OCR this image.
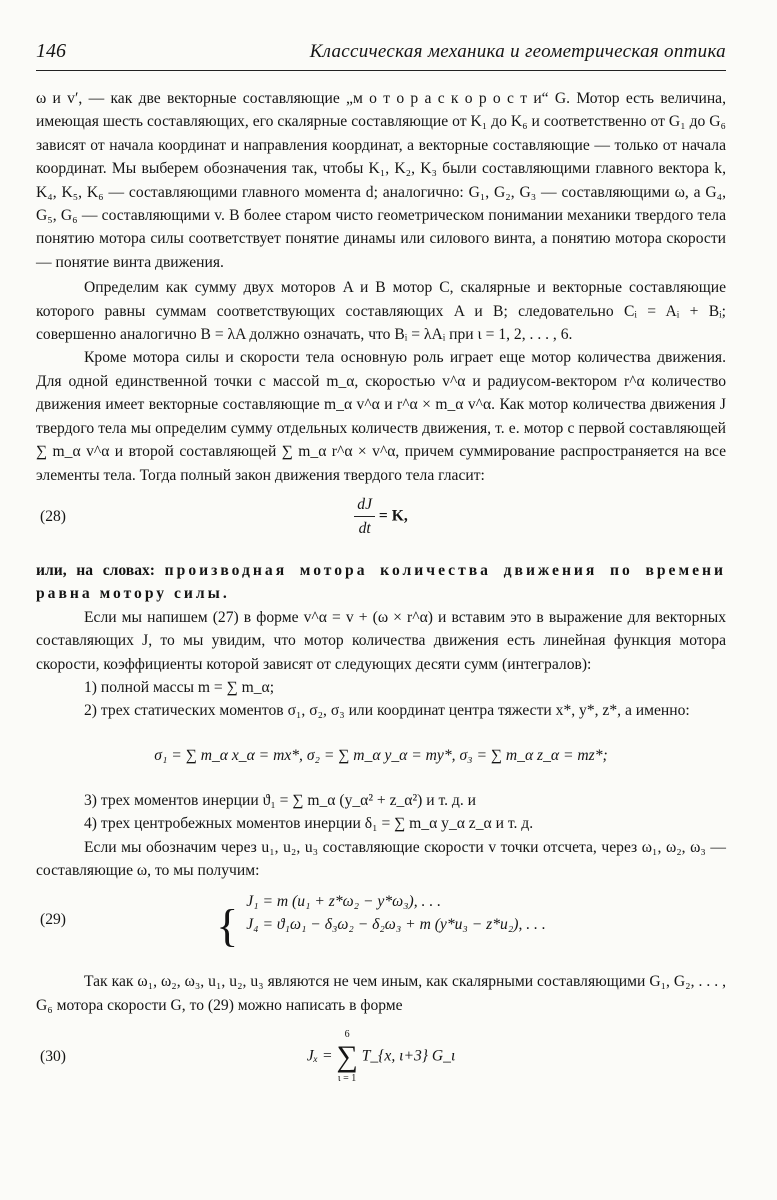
146	Классическая механика и геометрическая оптика

ω и v′, — как две векторные составляющие „м о т о р а с к о р о с т и“ G. Мотор есть величина, имеющая шесть составляющих, его скалярные составляющие от K₁ до K₆ и соответственно от G₁ до G₆ зависят от начала координат и направления координат, а векторные составляющие — только от начала координат. Мы выберем обозначения так, чтобы K₁, K₂, K₃ были составляющими главного вектора k, K₄, K₅, K₆ — составляющими главного момента d; аналогично: G₁, G₂, G₃ — составляющими ω, а G₄, G₅, G₆ — составляющими v. В более старом чисто геометрическом понимании механики твердого тела понятию мотора силы соответствует понятие динамы или силового винта, а понятию мотора скорости — понятие винта движения.

Определим как сумму двух моторов A и B мотор C, скалярные и векторные составляющие которого равны суммам соответствующих составляющих A и B; следовательно Cᵢ = Aᵢ + Bᵢ; совершенно аналогично B = λA должно означать, что Bᵢ = λAᵢ при ι = 1, 2, . . . , 6.

Кроме мотора силы и скорости тела основную роль играет еще мотор количества движения. Для одной единственной точки с массой m_α, скоростью v^α и радиусом-вектором r^α количество движения имеет векторные составляющие m_α v^α и r^α × m_α v^α. Как мотор количества движения J твердого тела мы определим сумму отдельных количеств движения, т. е. мотор с первой составляющей ∑ m_α v^α и второй составляющей ∑ m_α r^α × v^α, причем суммирование распространяется на все элементы тела. Тогда полный закон движения твердого тела гласит:

(28)	$\frac{dJ}{dt} = K$,

или, на словах: производная мотора количества движения по времени равна мотору силы.

Если мы напишем (27) в форме v^α = v + (ω × r^α) и вставим это в выражение для векторных составляющих J, то мы увидим, что мотор количества движения есть линейная функция мотора скорости, коэффициенты которой зависят от следующих десяти сумм (интегралов):

1) полной массы m = ∑ m_α;

2) трех статических моментов σ₁, σ₂, σ₃ или координат центра тяжести x*, y*, z*, а именно:

σ₁ = ∑ m_α x_α = mx*, σ₂ = ∑ m_α y_α = my*, σ₃ = ∑ m_α z_α = mz*;

3) трех моментов инерции ϑ₁ = ∑ m_α (y_α² + z_α²) и т. д. и

4) трех центробежных моментов инерции δ₁ = ∑ m_α y_α z_α и т. д.

Если мы обозначим через u₁, u₂, u₃ составляющие скорости v точки отсчета, через ω₁, ω₂, ω₃ — составляющие ω, то мы получим:

(29)	{ J₁ = m (u₁ + z*ω₂ − y*ω₃), . . .
J₄ = ϑ₁ω₁ − δ₃ω₂ − δ₂ω₃ + m (y*u₃ − z*u₂), . . .

Так как ω₁, ω₂, ω₃, u₁, u₂, u₃ являются не чем иным, как скалярными составляющими G₁, G₂, . . . , G₆ мотора скорости G, то (29) можно написать в форме

(30)	Jₓ =
6
∑
ι = 1
T_{x, ι+3} G_ι
